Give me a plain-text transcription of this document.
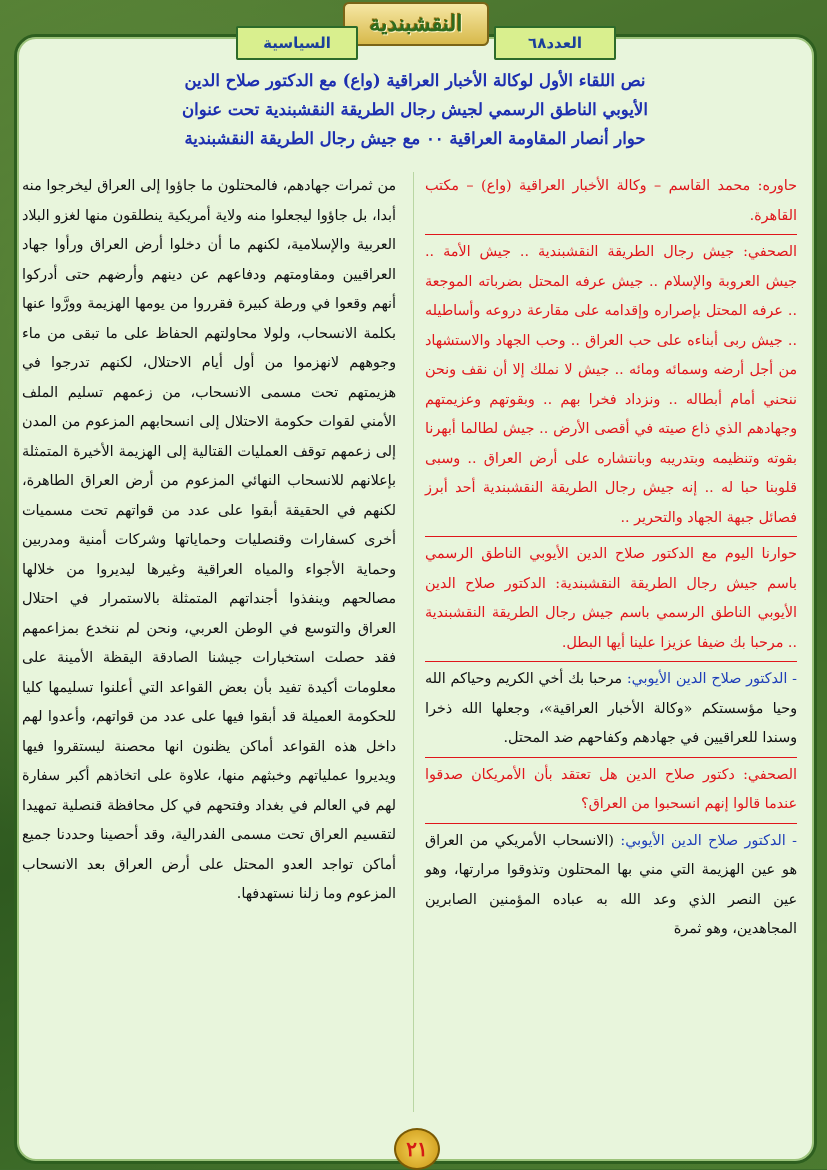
النقشبندية
العدد٦٨
السياسية
نص اللقاء الأول لوكالة الأخبار العراقية (واع) مع الدكتور صلاح الدين
الأيوبي الناطق الرسمي لجيش رجال الطريقة النقشبندية تحت عنوان
حوار أنصار المقاومة العراقية ٠٠ مع جيش رجال الطريقة النقشبندية

حاوره: محمد القاسم – وكالة الأخبار العراقية (واع) – مكتب القاهرة.

الصحفي: جيش رجال الطريقة النقشبندية .. جيش الأمة .. جيش العروبة والإسلام .. جيش عرفه المحتل بضرباته الموجعة .. عرفه المحتل بإصراره وإقدامه على مقارعة دروعه وأساطيله .. جيش ربى أبناءه على حب العراق .. وحب الجهاد والاستشهاد من أجل أرضه وسمائه ومائه .. جيش لا نملك إلا أن نقف ونحن ننحني أمام أبطاله .. ونزداد فخرا بهم .. وبقوتهم وعزيمتهم وجهادهم الذي ذاع صيته في أقصى الأرض .. جيش لطالما أبهرنا بقوته وتنظيمه وبتدريبه وبانتشاره على أرض العراق .. وسبى قلوبنا حبا له .. إنه جيش رجال الطريقة النقشبندية أحد أبرز فصائل جبهة الجهاد والتحرير ..

حوارنا اليوم مع الدكتور صلاح الدين الأيوبي الناطق الرسمي باسم جيش رجال الطريقة النقشبندية: الدكتور صلاح الدين الأيوبي الناطق الرسمي باسم جيش رجال الطريقة النقشبندية .. مرحبا بك ضيفا عزيزا علينا أيها البطل.

- الدكتور صلاح الدين الأيوبي: مرحبا بك أخي الكريم وحياكم الله وحيا مؤسستكم «وكالة الأخبار العراقية»، وجعلها الله ذخرا وسندا للعراقيين في جهادهم وكفاحهم ضد المحتل.

الصحفي: دكتور صلاح الدين هل تعتقد بأن الأمريكان صدقوا عندما قالوا إنهم انسحبوا من العراق؟

- الدكتور صلاح الدين الأيوبي: (الانسحاب الأمريكي من العراق هو عين الهزيمة التي مني بها المحتلون وتذوقوا مرارتها، وهو عين النصر الذي وعد الله به عباده المؤمنين الصابرين المجاهدين، وهو ثمرة

من ثمرات جهادهم، فالمحتلون ما جاؤوا إلى العراق ليخرجوا منه أبدا، بل جاؤوا ليجعلوا منه ولاية أمريكية ينطلقون منها لغزو البلاد العربية والإسلامية، لكنهم ما أن دخلوا أرض العراق ورأوا جهاد العراقيين ومقاومتهم ودفاعهم عن دينهم وأرضهم حتى أدركوا أنهم وقعوا في ورطة كبيرة فقرروا من يومها الهزيمة وورَّوا عنها بكلمة الانسحاب، ولولا محاولتهم الحفاظ على ما تبقى من ماء وجوههم لانهزموا من أول أيام الاحتلال، لكنهم تدرجوا في هزيمتهم تحت مسمى الانسحاب، من زعمهم تسليم الملف الأمني لقوات حكومة الاحتلال إلى انسحابهم المزعوم من المدن إلى زعمهم توقف العمليات القتالية إلى الهزيمة الأخيرة المتمثلة بإعلانهم للانسحاب النهائي المزعوم من أرض العراق الطاهرة، لكنهم في الحقيقة أبقوا على عدد من قواتهم تحت مسميات أخرى كسفارات وقنصليات وحماياتها وشركات أمنية ومدربين وحماية الأجواء والمياه العراقية وغيرها ليديروا من خلالها مصالحهم وينفذوا أجنداتهم المتمثلة بالاستمرار في احتلال العراق والتوسع في الوطن العربي، ونحن لم ننخدع بمزاعمهم فقد حصلت استخبارات جيشنا الصادقة اليقظة الأمينة على معلومات أكيدة تفيد بأن بعض القواعد التي أعلنوا تسليمها كليا للحكومة العميلة قد أبقوا فيها على عدد من قواتهم، وأعدوا لهم داخل هذه القواعد أماكن يظنون انها محصنة ليستقروا فيها ويديروا عملياتهم وخبثهم منها، علاوة على اتخاذهم أكبر سفارة لهم في العالم في بغداد وفتحهم في كل محافظة قنصلية تمهيدا لتقسيم العراق تحت مسمى الفدرالية، وقد أحصينا وحددنا جميع أماكن تواجد العدو المحتل على أرض العراق بعد الانسحاب المزعوم وما زلنا نستهدفها.

٢١
